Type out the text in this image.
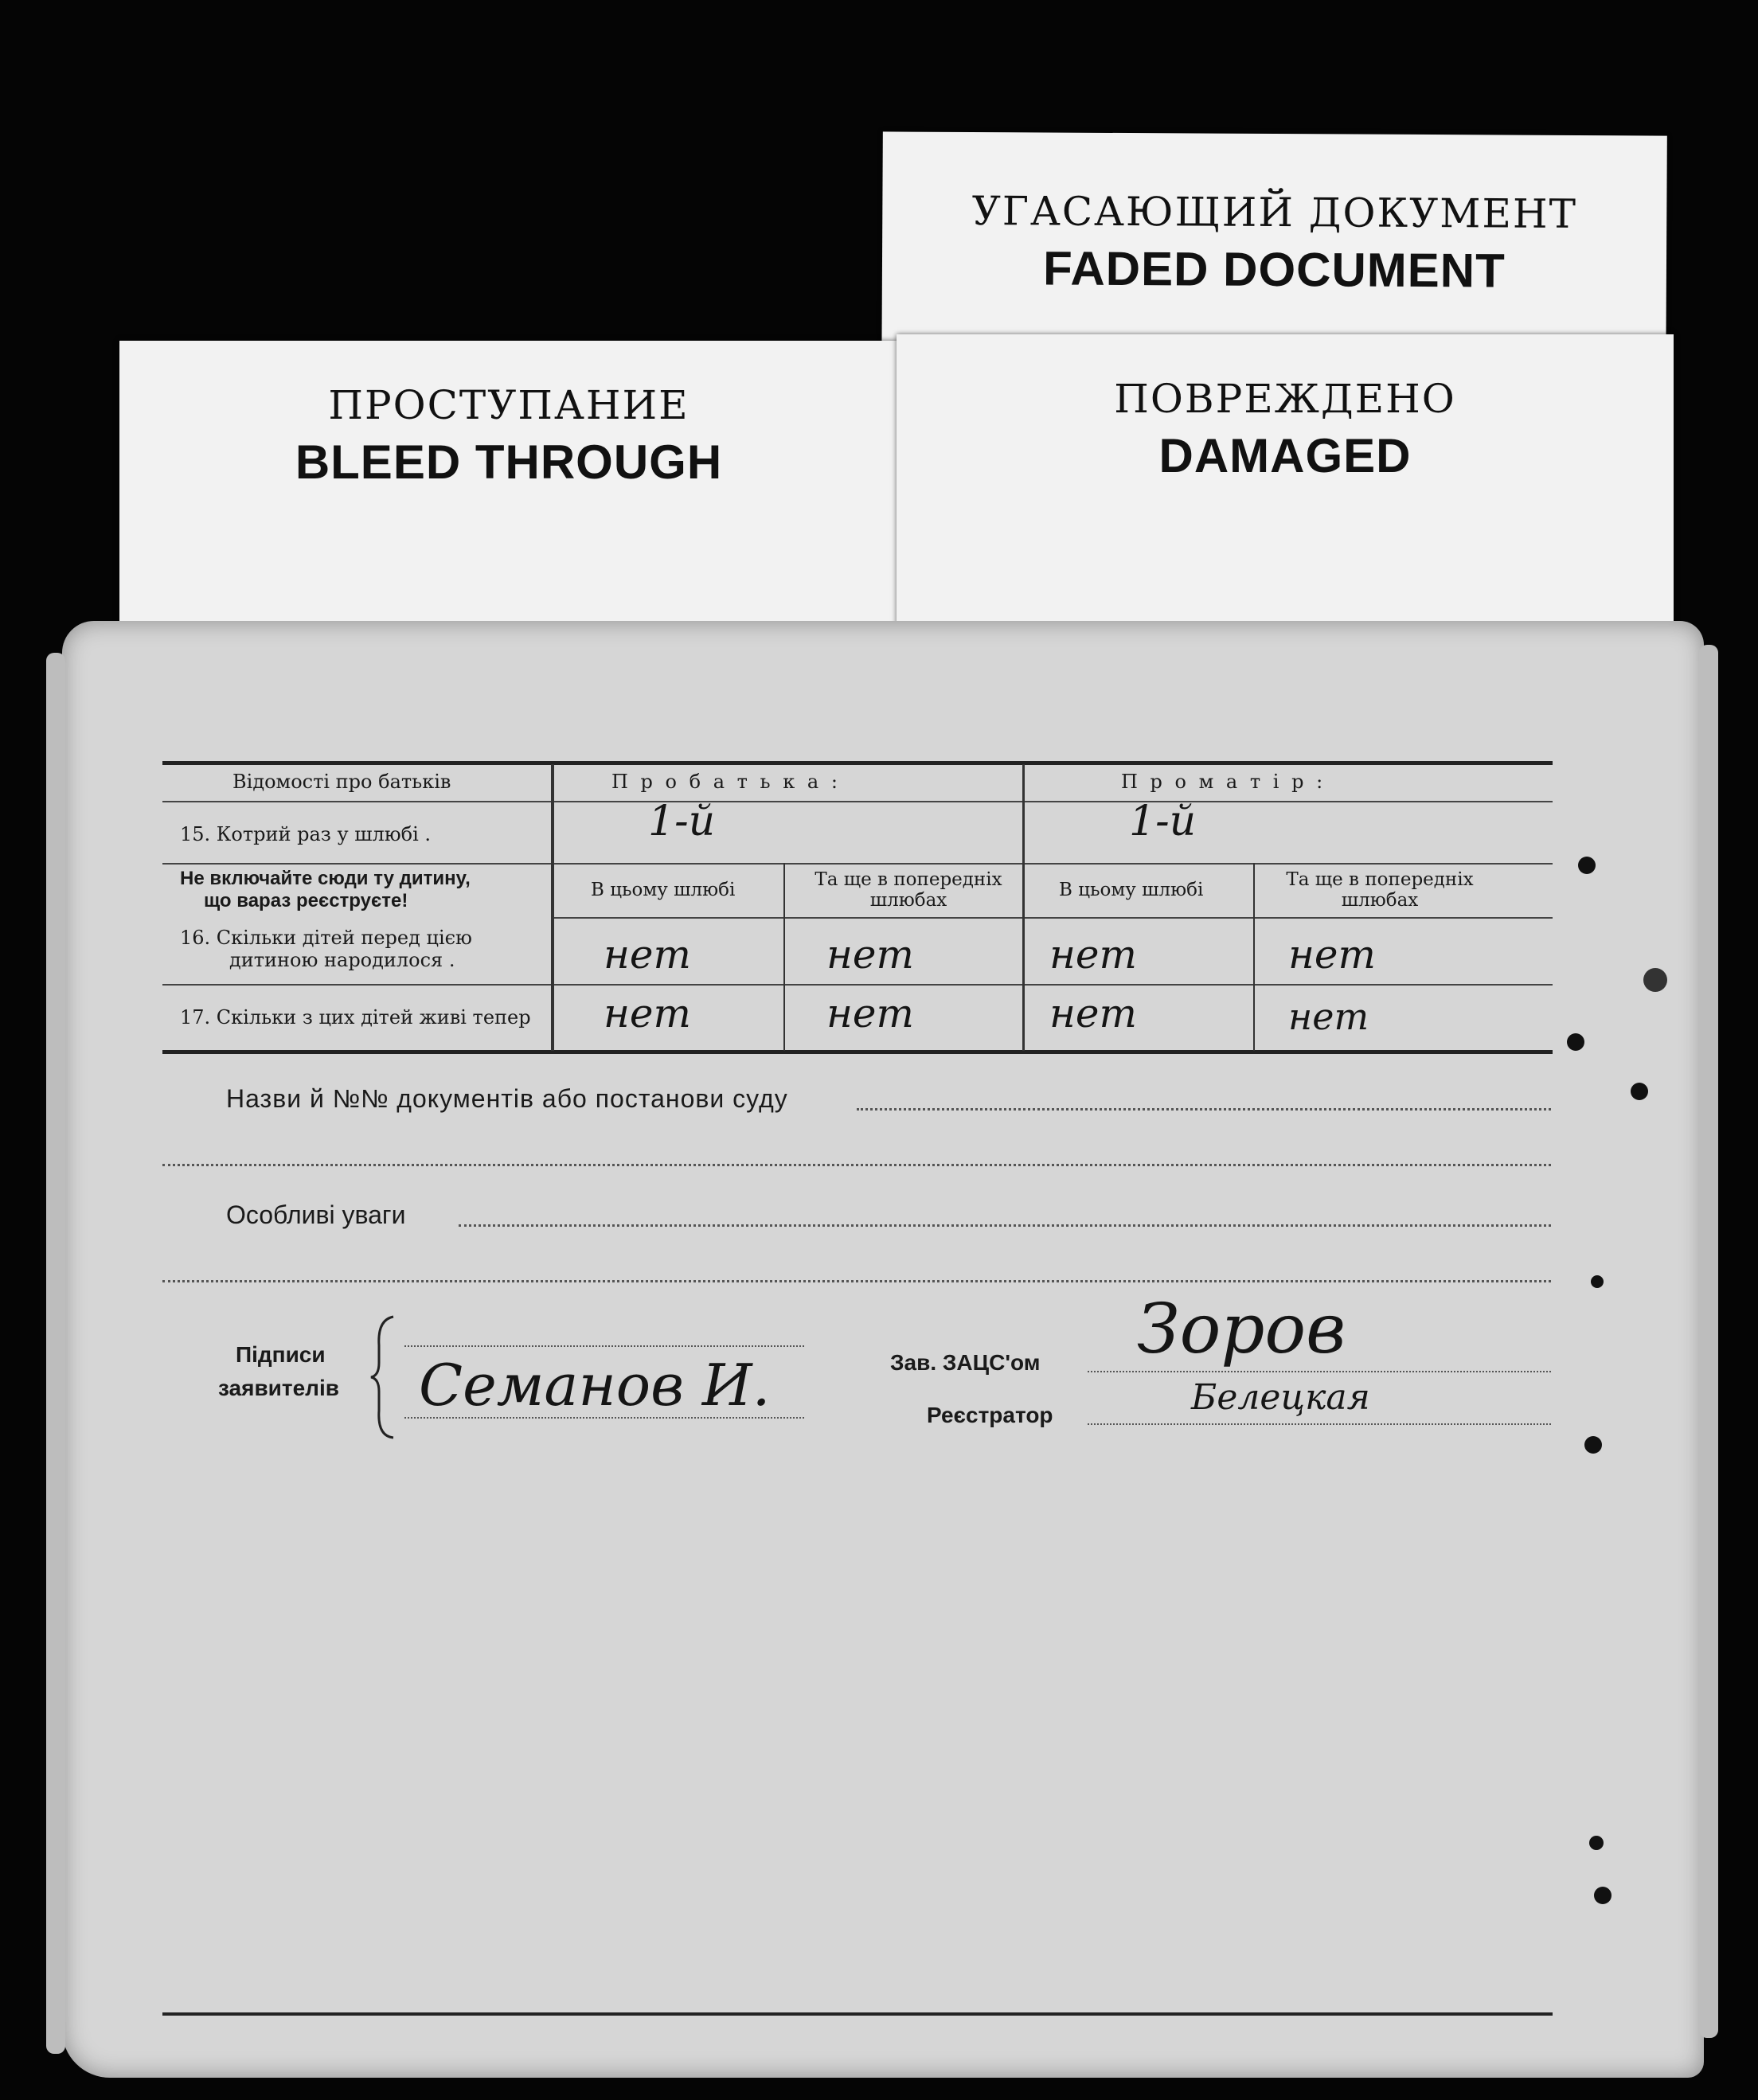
УГАСАЮЩИЙ ДОКУМЕНТ
FADED DOCUMENT
ПРОСТУПАНИЕ
BLEED THROUGH
ПОВРЕЖДЕНО
DAMAGED
Відомості про батьків	П р о б а т ь к а :	П р о м а т і р :
15. Котрий раз у шлюбі .	1-й	1-й
Не включайте сюди ту дитину,
що вараз реєструєте!	В цьому шлюбі	Та ще в попередніх шлюбах	В цьому шлюбі	Та ще в попередніх шлюбах
16. Скільки дітей перед цією
дитиною народилося .	нет	нет	нет	нет
17. Скільки з цих дітей живі тепер нет	нет	нет	нет
Назви й №№ документів або постанови суду
Особливі уваги
Підписи
заявителів Семанов И.	Зав. ЗАЦС'ом
Реєстратор
Зоров
Белецкая
